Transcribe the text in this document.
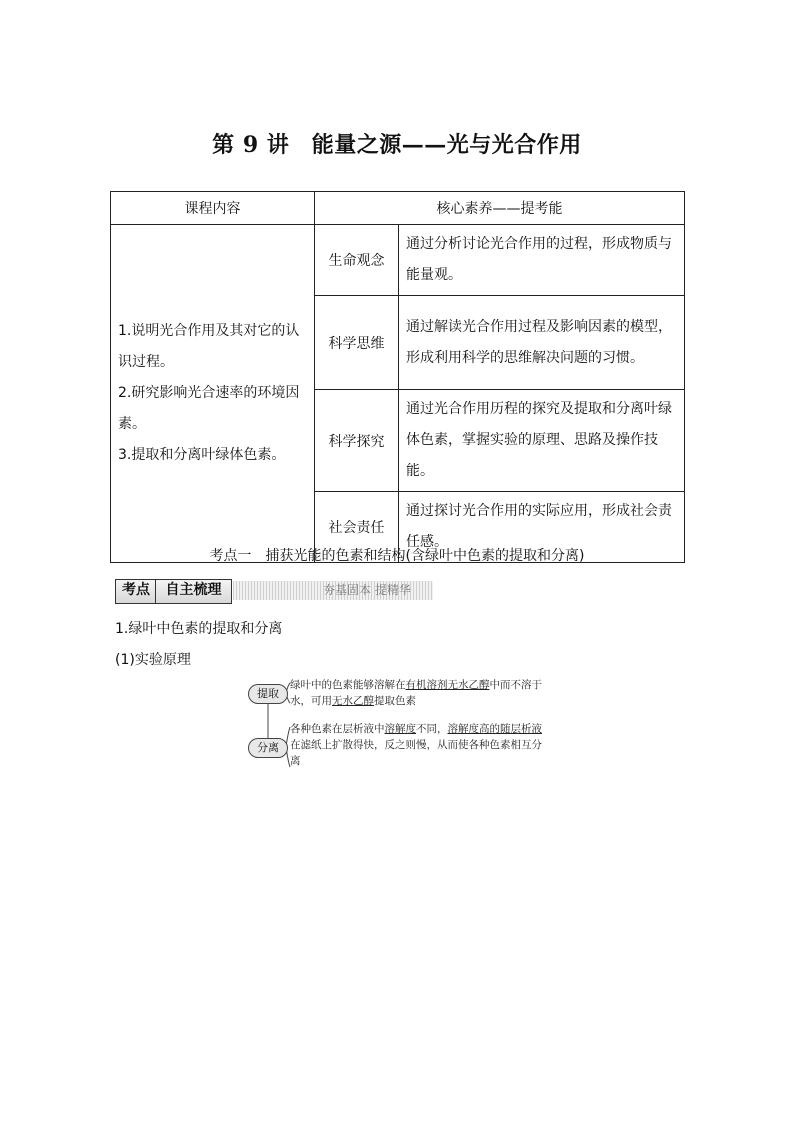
第 9 讲　能量之源——光与光合作用
课程内容	核心素养——提考能	

1.说明光合作用及其对它的认识过程。
2.研究影响光合速率的环境因素。
3.提取和分离叶绿体色素。	生命观念	通过分析讨论光合作用的过程，形成物质与能量观。
	科学思维	通过解读光合作用过程及影响因素的模型，形成利用科学的思维解决问题的习惯。
	科学探究	通过光合作用历程的探究及提取和分离叶绿体色素，掌握实验的原理、思路及操作技能。
	社会责任	通过探讨光合作用的实际应用，形成社会责任感。
考点一　捕获光能的色素和结构(含绿叶中色素的提取和分离)
考点	自主梳理	夯基固本 提精华
1.绿叶中色素的提取和分离
(1)实验原理
提取
分离
绿叶中的色素能够溶解在有机溶剂无水乙醇中而不溶于水，可用无水乙醇提取色素
各种色素在层析液中溶解度不同，溶解度高的随层析液在滤纸上扩散得快，反之则慢，从而使各种色素相互分离
